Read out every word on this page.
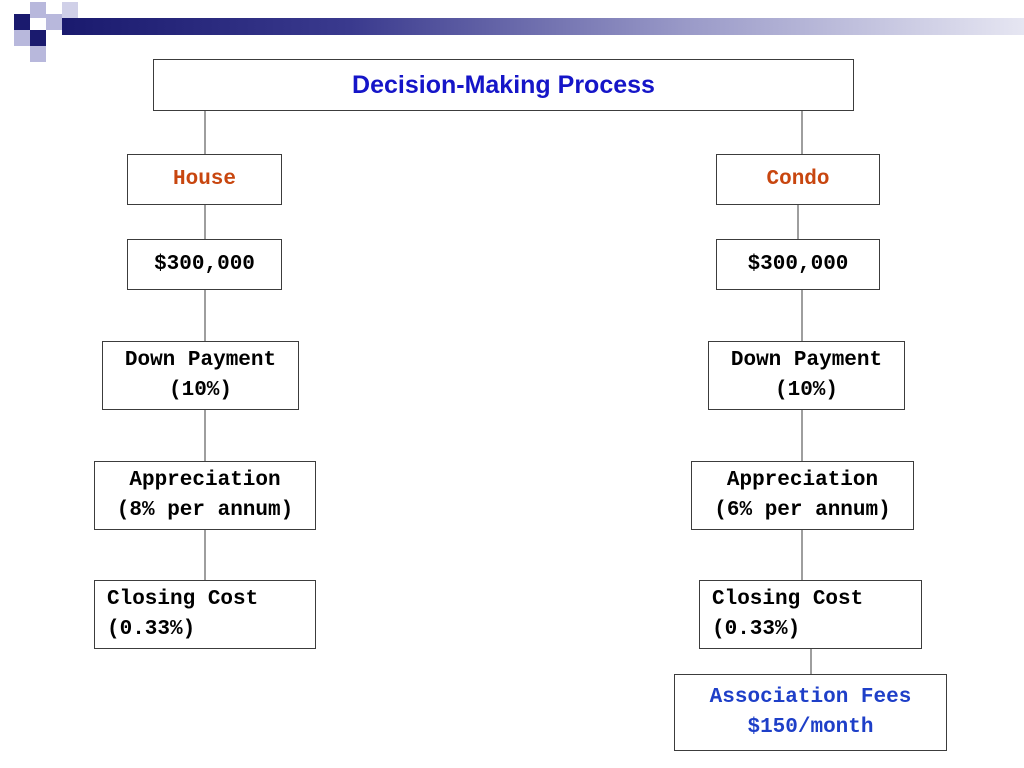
Decision-Making Process
House
$300,000
Down Payment
(10%)
Appreciation
(8% per annum)
Closing Cost
(0.33%)
Condo
$300,000
Down Payment
(10%)
Appreciation
(6% per annum)
Closing Cost
(0.33%)
Association Fees
$150/month
